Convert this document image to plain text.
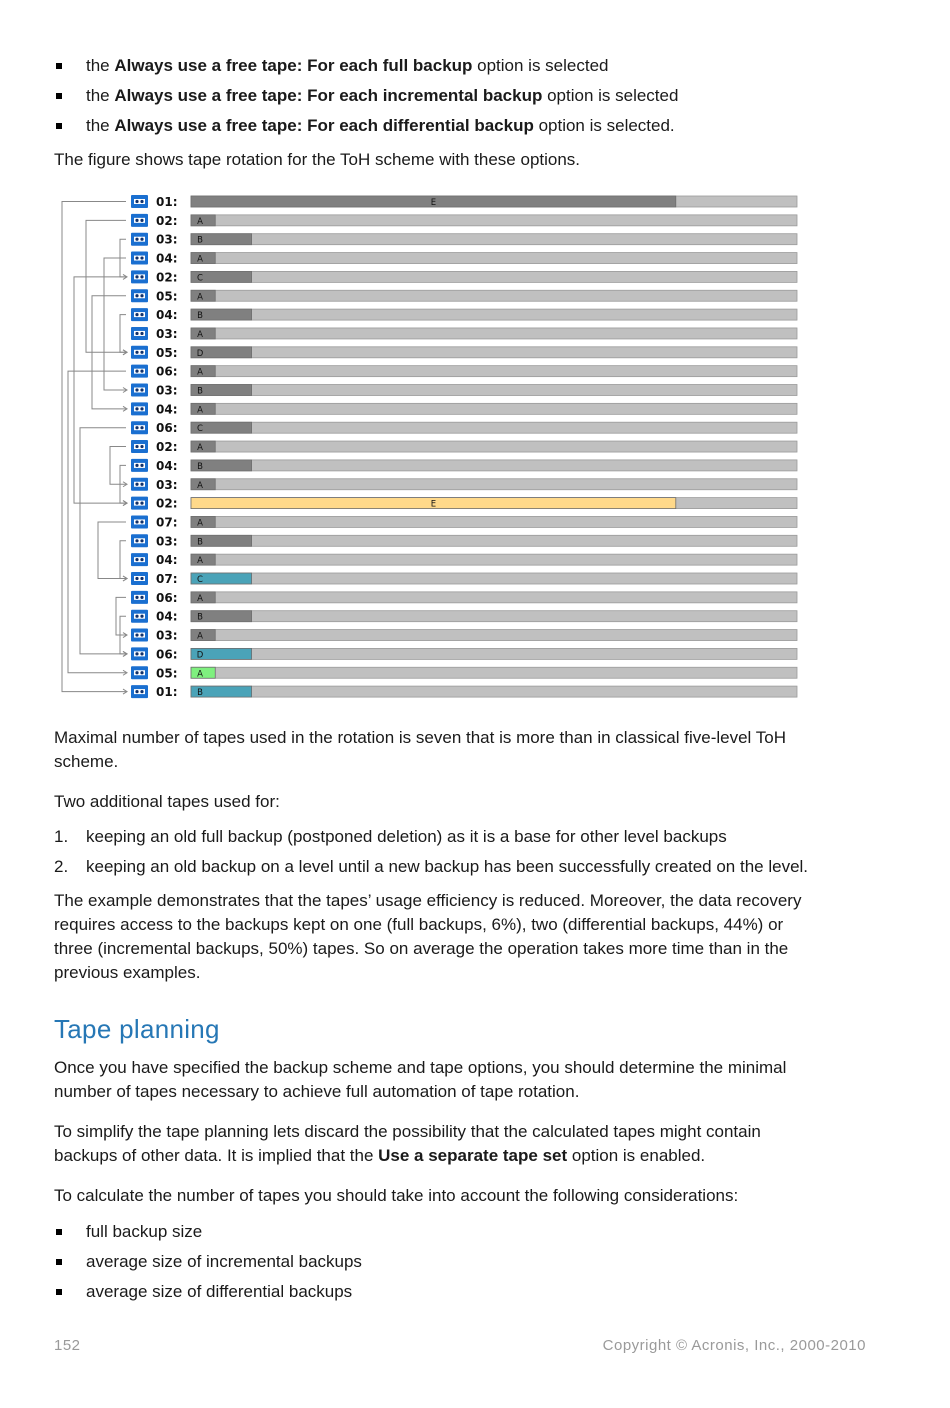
the Always use a free tape: For each full backup option is selected
the Always use a free tape: For each incremental backup option is selected
the Always use a free tape: For each differential backup option is selected.

The figure shows tape rotation for the ToH scheme with these options.

01:	E
02: A
03: B
04: A
02: C
05: A
04: B
03: A
05: D
06: A
03: B
04: A
06: C
02: A
04: B
03: A
02:	E
07: A
03: B
04: A
07: C
06: A
04: B
03: A
06: D
05: A
01: B

Maximal number of tapes used in the rotation is seven that is more than in classical five-level ToH
scheme.

Two additional tapes used for:

1. keeping an old full backup (postponed deletion) as it is a base for other level backups
2. keeping an old backup on a level until a new backup has been successfully created on the level.

The example demonstrates that the tapes’ usage efficiency is reduced. Moreover, the data recovery
requires access to the backups kept on one (full backups, 6%), two (differential backups, 44%) or
three (incremental backups, 50%) tapes. So on average the operation takes more time than in the
previous examples.

Tape planning

Once you have specified the backup scheme and tape options, you should determine the minimal
number of tapes necessary to achieve full automation of tape rotation.

To simplify the tape planning lets discard the possibility that the calculated tapes might contain
backups of other data. It is implied that the Use a separate tape set option is enabled.

To calculate the number of tapes you should take into account the following considerations:

full backup size
average size of incremental backups
average size of differential backups
152	Copyright © Acronis, Inc., 2000-2010
